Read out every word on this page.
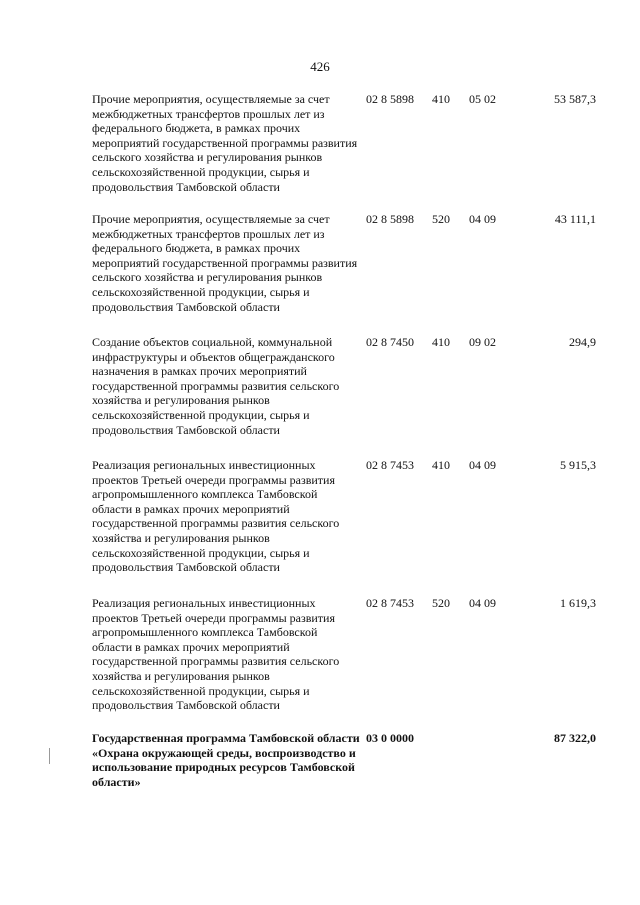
426
Прочие мероприятия, осуществляемые за счет межбюджетных трансфертов прошлых лет из федерального бюджета, в рамках прочих мероприятий государственной программы развития сельского хозяйства и регулирования рынков сельскохозяйственной продукции, сырья и продовольствия Тамбовской области
02 8 5898 410 05 02	53 587,3
Прочие мероприятия, осуществляемые за счет межбюджетных трансфертов прошлых лет из федерального бюджета, в рамках прочих мероприятий государственной программы развития сельского хозяйства и регулирования рынков сельскохозяйственной продукции, сырья и продовольствия Тамбовской области
02 8 5898 520 04 09	43 111,1
Создание объектов социальной, коммунальной инфраструктуры и объектов общегражданского назначения в рамках прочих мероприятий государственной программы развития сельского хозяйства и регулирования рынков сельскохозяйственной продукции, сырья и продовольствия Тамбовской области
02 8 7450 410 09 02	294,9
Реализация региональных инвестиционных проектов Третьей очереди программы развития агропромышленного комплекса Тамбовской области в рамках прочих мероприятий государственной программы развития сельского хозяйства и регулирования рынков сельскохозяйственной продукции, сырья и продовольствия Тамбовской области
02 8 7453 410 04 09	5 915,3
Реализация региональных инвестиционных проектов Третьей очереди программы развития агропромышленного комплекса Тамбовской области в рамках прочих мероприятий государственной программы развития сельского хозяйства и регулирования рынков сельскохозяйственной продукции, сырья и продовольствия Тамбовской области
02 8 7453 520 04 09	1 619,3
Государственная программа Тамбовской области «Охрана окружающей среды, воспроизводство и использование природных ресурсов Тамбовской области»
03 0 0000	87 322,0
